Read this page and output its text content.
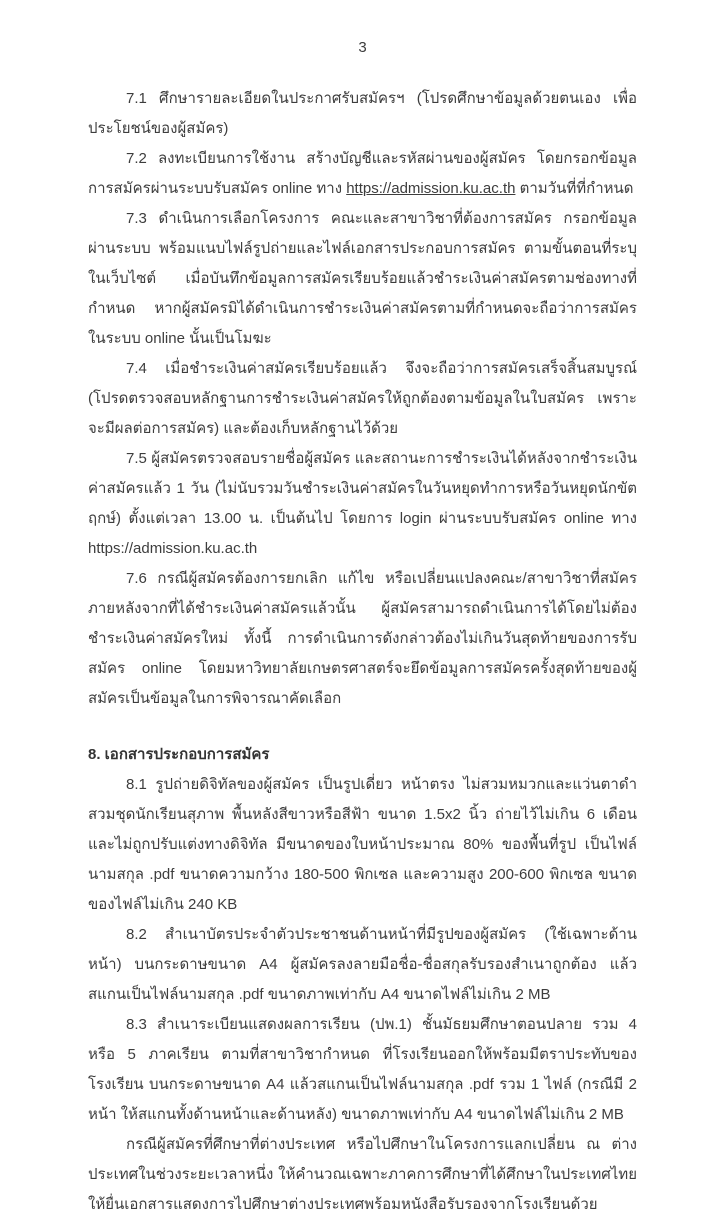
3

7.1 ศึกษารายละเอียดในประกาศรับสมัครฯ (โปรดศึกษาข้อมูลด้วยตนเอง เพื่อประโยชน์ของผู้สมัคร)

7.2 ลงทะเบียนการใช้งาน สร้างบัญชีและรหัสผ่านของผู้สมัคร โดยกรอกข้อมูลการสมัครผ่านระบบรับสมัคร online ทาง https://admission.ku.ac.th ตามวันที่ที่กำหนด

7.3 ดำเนินการเลือกโครงการ คณะและสาขาวิชาที่ต้องการสมัคร กรอกข้อมูลผ่านระบบ พร้อมแนบไฟล์รูปถ่ายและไฟล์เอกสารประกอบการสมัคร ตามขั้นตอนที่ระบุในเว็บไซต์ เมื่อบันทึกข้อมูลการสมัครเรียบร้อยแล้วชำระเงินค่าสมัครตามช่องทางที่กำหนด หากผู้สมัครมิได้ดำเนินการชำระเงินค่าสมัครตามที่กำหนดจะถือว่าการสมัครในระบบ online นั้นเป็นโมฆะ

7.4 เมื่อชำระเงินค่าสมัครเรียบร้อยแล้ว จึงจะถือว่าการสมัครเสร็จสิ้นสมบูรณ์ (โปรดตรวจสอบหลักฐานการชำระเงินค่าสมัครให้ถูกต้องตามข้อมูลในใบสมัคร เพราะจะมีผลต่อการสมัคร) และต้องเก็บหลักฐานไว้ด้วย

7.5 ผู้สมัครตรวจสอบรายชื่อผู้สมัคร และสถานะการชำระเงินได้หลังจากชำระเงินค่าสมัครแล้ว 1 วัน (ไม่นับรวมวันชำระเงินค่าสมัครในวันหยุดทำการหรือวันหยุดนักขัตฤกษ์) ตั้งแต่เวลา 13.00 น. เป็นต้นไป โดยการ login ผ่านระบบรับสมัคร online ทาง https://admission.ku.ac.th

7.6 กรณีผู้สมัครต้องการยกเลิก แก้ไข หรือเปลี่ยนแปลงคณะ/สาขาวิชาที่สมัคร ภายหลังจากที่ได้ชำระเงินค่าสมัครแล้วนั้น ผู้สมัครสามารถดำเนินการได้โดยไม่ต้องชำระเงินค่าสมัครใหม่ ทั้งนี้ การดำเนินการดังกล่าวต้องไม่เกินวันสุดท้ายของการรับสมัคร online โดยมหาวิทยาลัยเกษตรศาสตร์จะยึดข้อมูลการสมัครครั้งสุดท้ายของผู้สมัครเป็นข้อมูลในการพิจารณาคัดเลือก

8. เอกสารประกอบการสมัคร

8.1 รูปถ่ายดิจิทัลของผู้สมัคร เป็นรูปเดี่ยว หน้าตรง ไม่สวมหมวกและแว่นตาดำ สวมชุดนักเรียนสุภาพ พื้นหลังสีขาวหรือสีฟ้า ขนาด 1.5x2 นิ้ว ถ่ายไว้ไม่เกิน 6 เดือน และไม่ถูกปรับแต่งทางดิจิทัล มีขนาดของใบหน้าประมาณ 80% ของพื้นที่รูป เป็นไฟล์นามสกุล .pdf ขนาดความกว้าง 180-500 พิกเซล และความสูง 200-600 พิกเซล ขนาดของไฟล์ไม่เกิน 240 KB

8.2 สำเนาบัตรประจำตัวประชาชนด้านหน้าที่มีรูปของผู้สมัคร (ใช้เฉพาะด้านหน้า) บนกระดาษขนาด A4 ผู้สมัครลงลายมือชื่อ-ชื่อสกุลรับรองสำเนาถูกต้อง แล้วสแกนเป็นไฟล์นามสกุล .pdf ขนาดภาพเท่ากับ A4 ขนาดไฟล์ไม่เกิน 2 MB

8.3 สำเนาระเบียนแสดงผลการเรียน (ปพ.1) ชั้นมัธยมศึกษาตอนปลาย รวม 4 หรือ 5 ภาคเรียน ตามที่สาขาวิชากำหนด ที่โรงเรียนออกให้พร้อมมีตราประทับของโรงเรียน บนกระดาษขนาด A4 แล้วสแกนเป็นไฟล์นามสกุล .pdf รวม 1 ไฟล์ (กรณีมี 2 หน้า ให้สแกนทั้งด้านหน้าและด้านหลัง) ขนาดภาพเท่ากับ A4 ขนาดไฟล์ไม่เกิน 2 MB

กรณีผู้สมัครที่ศึกษาที่ต่างประเทศ หรือไปศึกษาในโครงการแลกเปลี่ยน ณ ต่างประเทศในช่วงระยะเวลาหนึ่ง ให้คำนวณเฉพาะภาคการศึกษาที่ได้ศึกษาในประเทศไทย ให้ยื่นเอกสารแสดงการไปศึกษาต่างประเทศพร้อมหนังสือรับรองจากโรงเรียนด้วย
